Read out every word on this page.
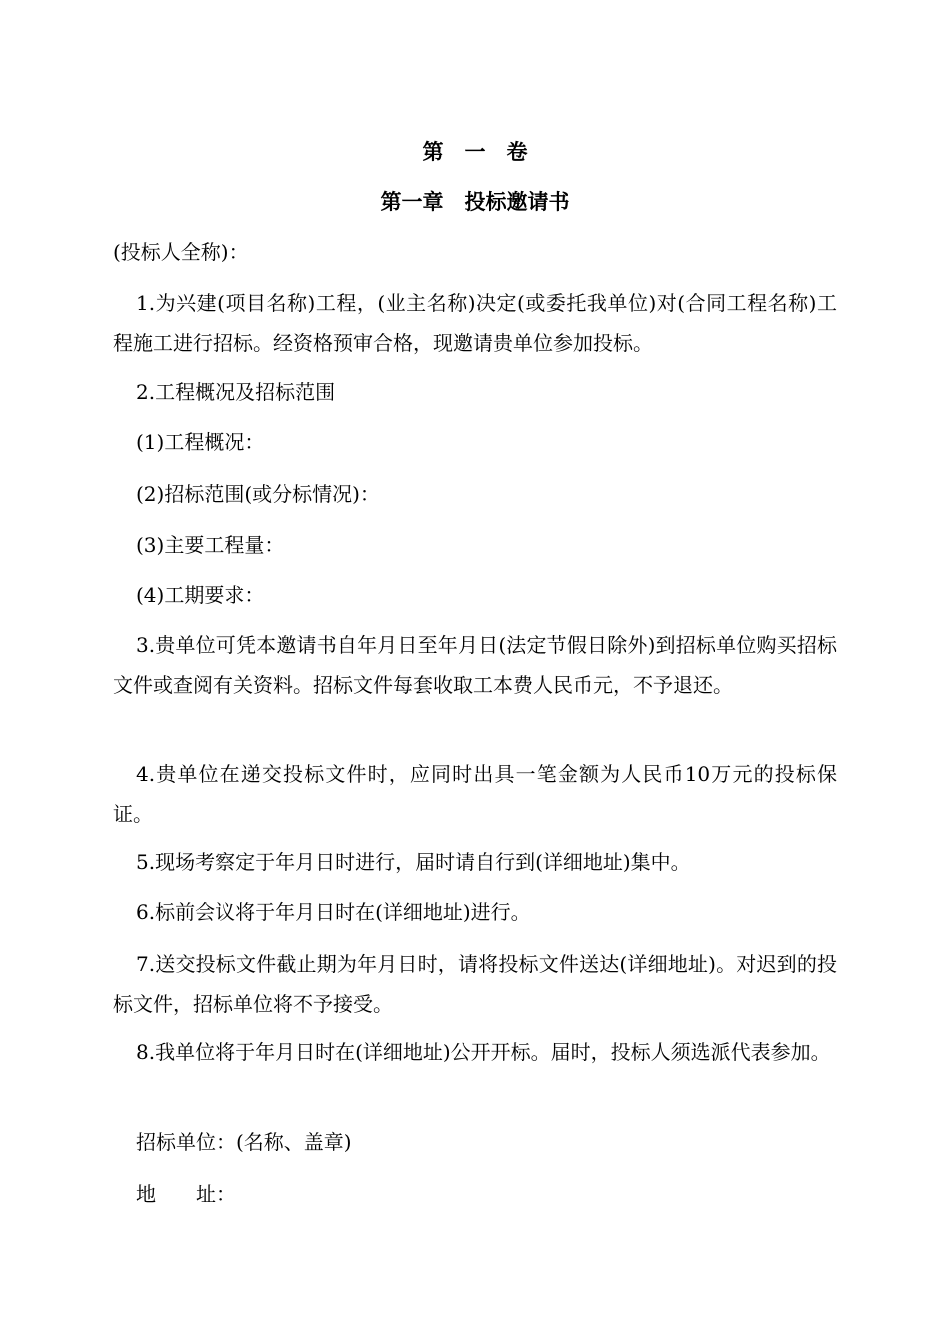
第　一　卷
第一章　投标邀请书

(投标人全称)：

1.为兴建(项目名称)工程，(业主名称)决定(或委托我单位)对(合同工程名称)工程施工进行招标。经资格预审合格，现邀请贵单位参加投标。

2.工程概况及招标范围

(1)工程概况：

(2)招标范围(或分标情况)：

(3)主要工程量：

(4)工期要求：

3.贵单位可凭本邀请书自年月日至年月日(法定节假日除外)到招标单位购买招标文件或查阅有关资料。招标文件每套收取工本费人民币元，不予退还。

4.贵单位在递交投标文件时，应同时出具一笔金额为人民币10万元的投标保证。

5.现场考察定于年月日时进行，届时请自行到(详细地址)集中。

6.标前会议将于年月日时在(详细地址)进行。

7.送交投标文件截止期为年月日时，请将投标文件送达(详细地址)。对迟到的投标文件，招标单位将不予接受。

8.我单位将于年月日时在(详细地址)公开开标。届时，投标人须选派代表参加。

招标单位：(名称、盖章)

地　　址：
